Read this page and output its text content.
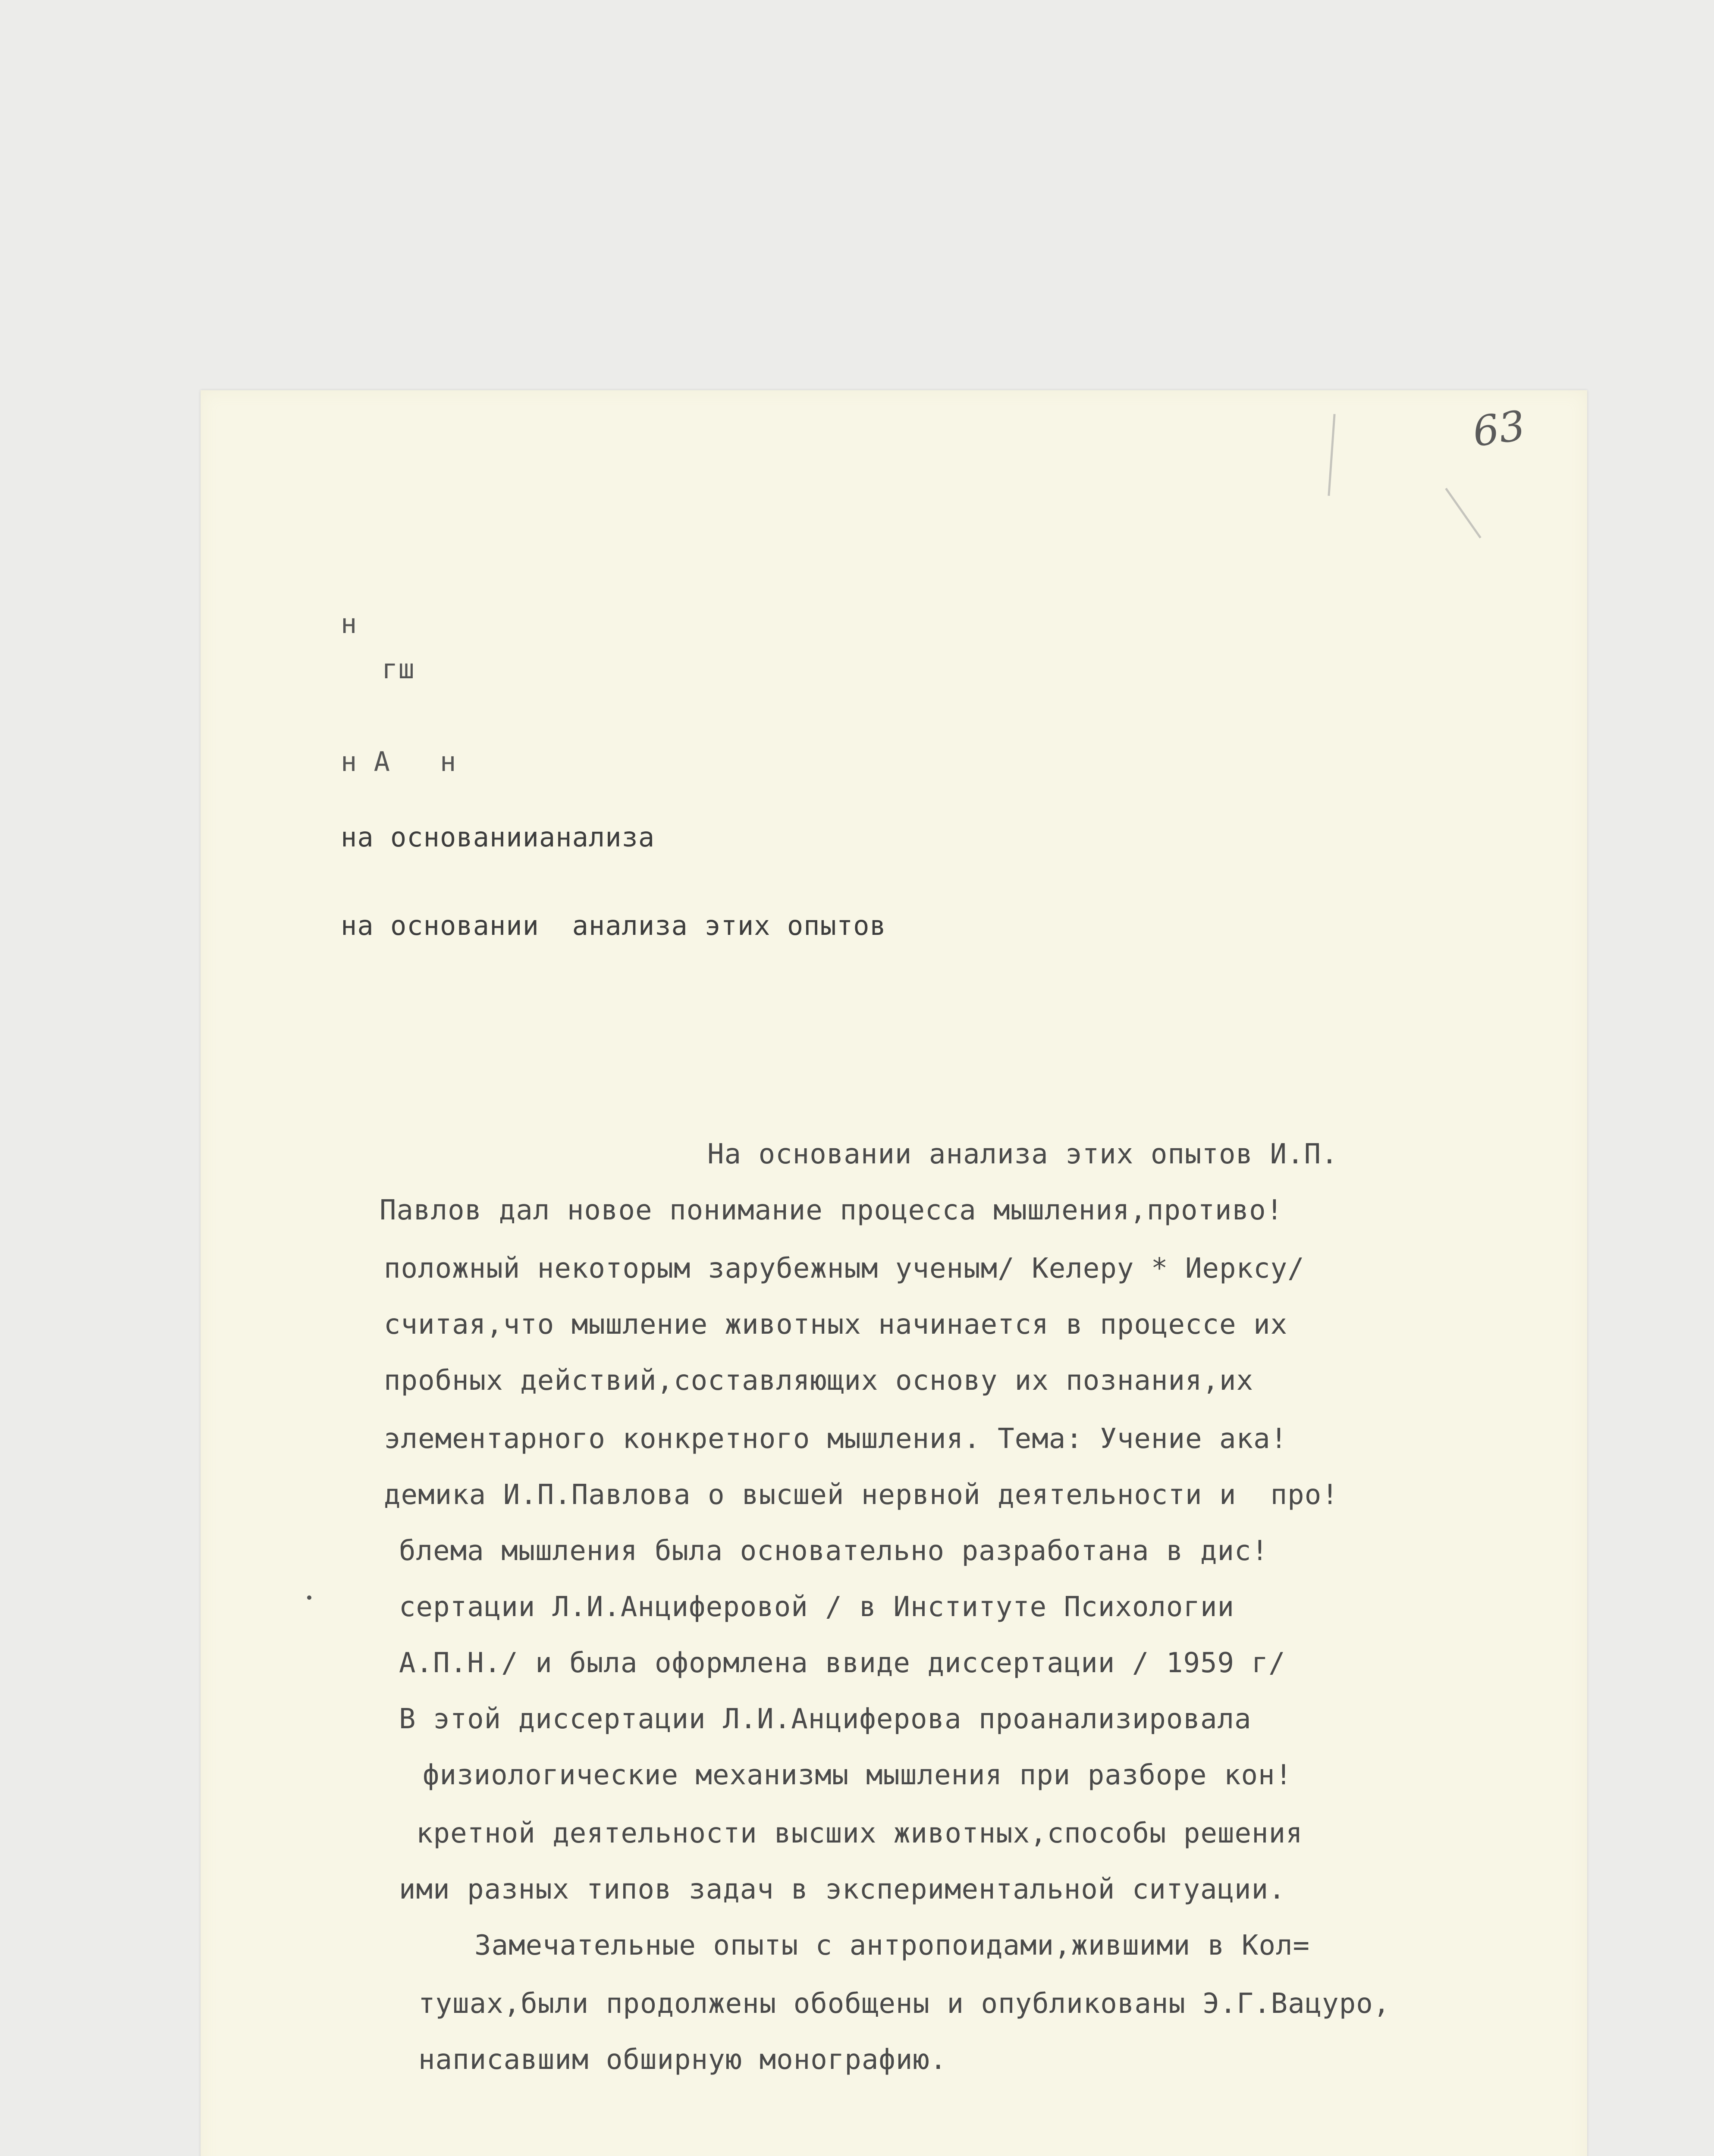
63
н
гш
н А   н
на основаниианализа
на основании  анализа этих опытов
На основании анализа этих опытов И.П.
Павлов дал новое понимание процесса мышления,противо!
положный некоторым зарубежным ученым/ Келеру * Иерксу/
считая,что мышление животных начинается в процессе их
пробных действий,составляющих основу их познания,их
элементарного конкретного мышления. Тема: Учение ака!
демика И.П.Павлова о высшей нервной деятельности и  про!
блема мышления была основательно разработана в дис!
сертации Л.И.Анциферовой / в Институте Психологии
А.П.Н./ и была оформлена ввиде диссертации / 1959 г/
В этой диссертации Л.И.Анциферова проанализировала
физиологические механизмы мышления при разборе кон!
кретной деятельности высших животных,способы решения
ими разных типов задач в экспериментальной ситуации.
Замечательные опыты с антропоидами,жившими в Кол=
тушах,были продолжены обобщены и опубликованы Э.Г.Вацуро,
написавшим обширную монографию.
